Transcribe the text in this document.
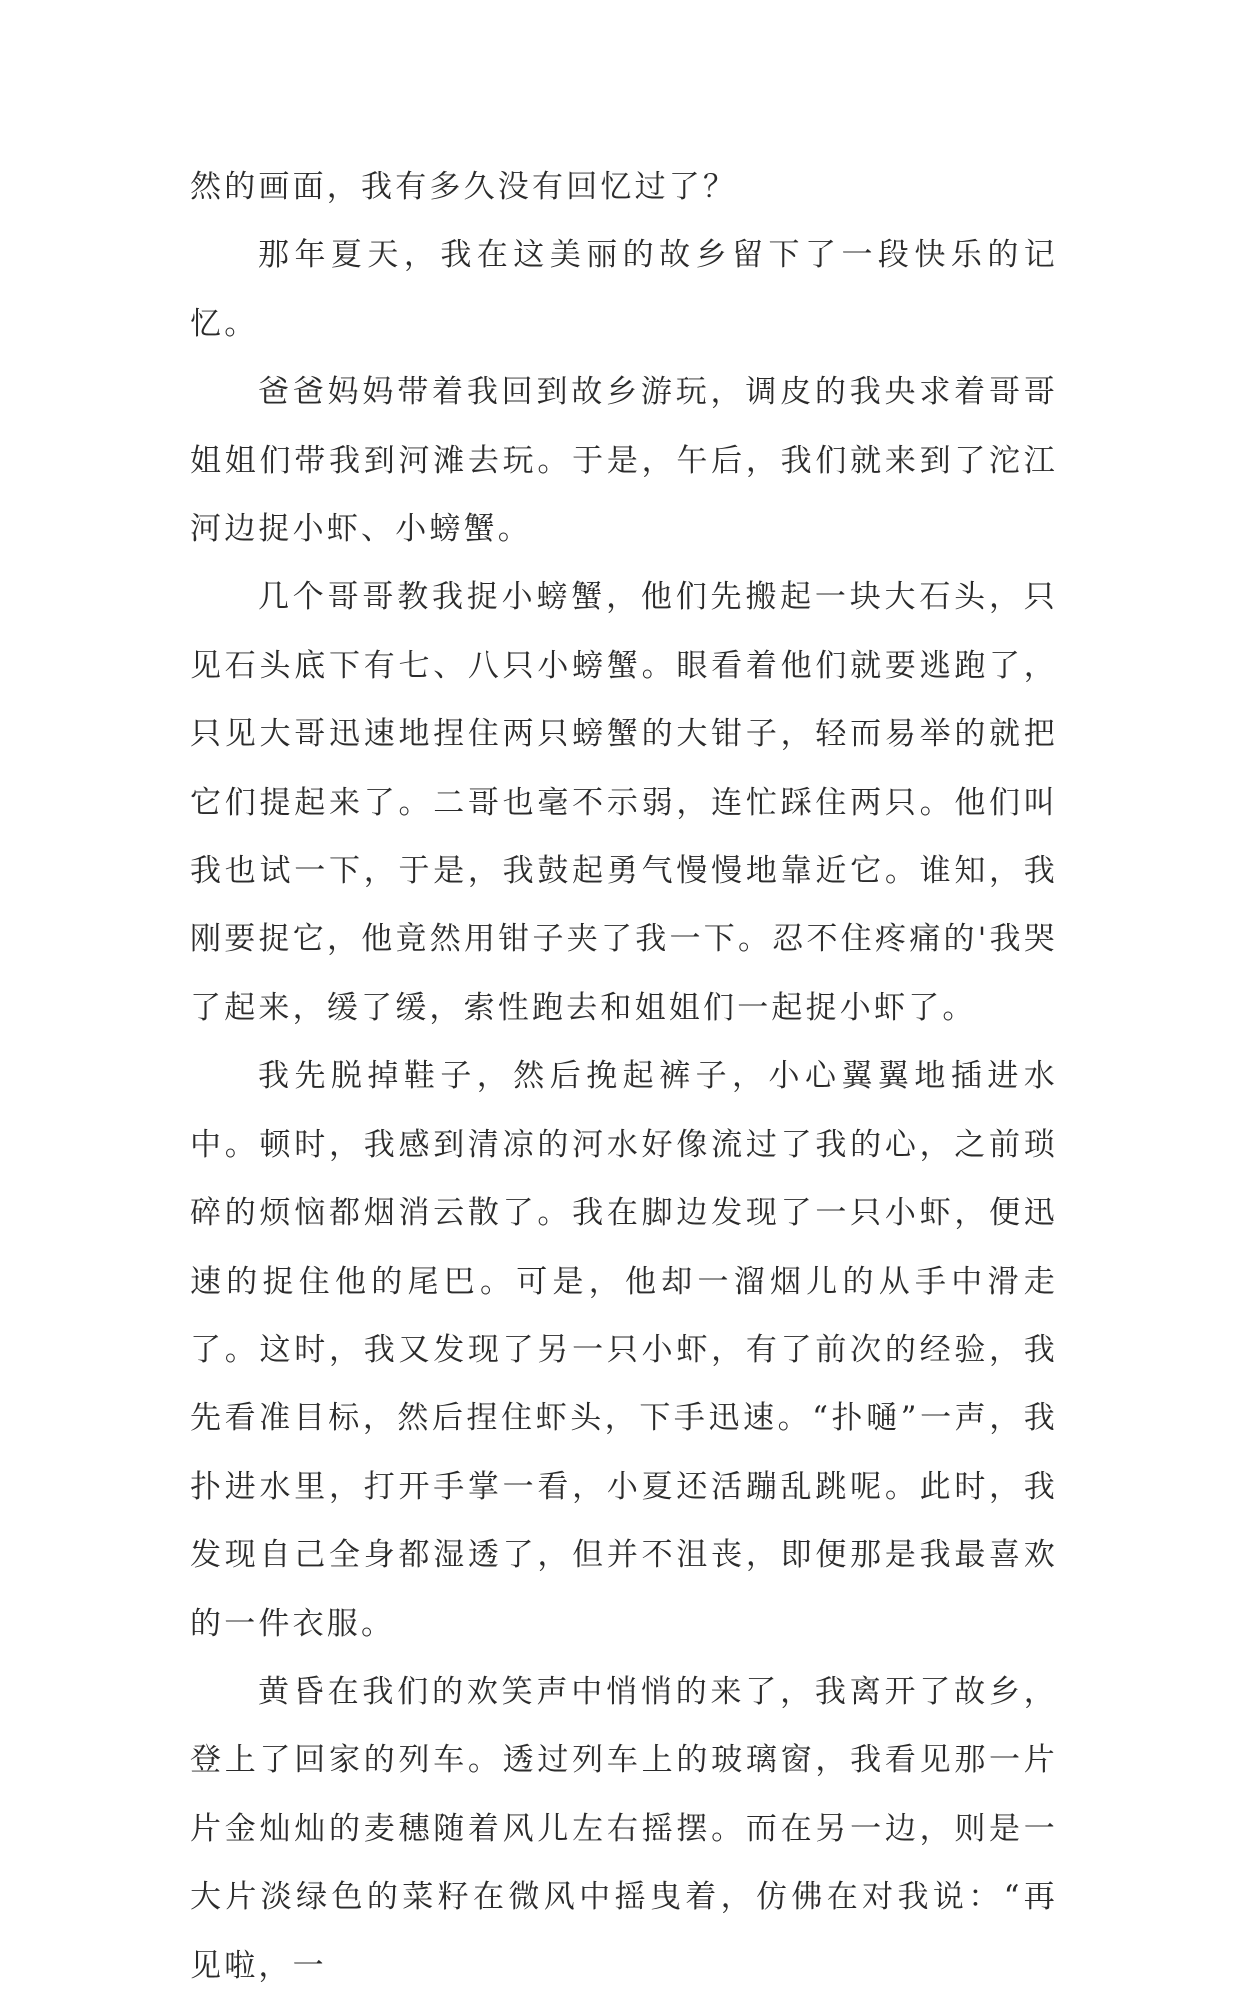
然的画面，我有多久没有回忆过了？

那年夏天，我在这美丽的故乡留下了一段快乐的记忆。

爸爸妈妈带着我回到故乡游玩，调皮的我央求着哥哥姐姐们带我到河滩去玩。于是，午后，我们就来到了沱江河边捉小虾、小螃蟹。

几个哥哥教我捉小螃蟹，他们先搬起一块大石头，只见石头底下有七、八只小螃蟹。眼看着他们就要逃跑了，只见大哥迅速地捏住两只螃蟹的大钳子，轻而易举的就把它们提起来了。二哥也毫不示弱，连忙踩住两只。他们叫我也试一下，于是，我鼓起勇气慢慢地靠近它。谁知，我刚要捉它，他竟然用钳子夹了我一下。忍不住疼痛的'我哭了起来，缓了缓，索性跑去和姐姐们一起捉小虾了。

我先脱掉鞋子，然后挽起裤子，小心翼翼地插进水中。顿时，我感到清凉的河水好像流过了我的心，之前琐碎的烦恼都烟消云散了。我在脚边发现了一只小虾，便迅速的捉住他的尾巴。可是，他却一溜烟儿的从手中滑走了。这时，我又发现了另一只小虾，有了前次的经验，我先看准目标，然后捏住虾头，下手迅速。“扑嗵”一声，我扑进水里，打开手掌一看，小夏还活蹦乱跳呢。此时，我发现自己全身都湿透了，但并不沮丧，即便那是我最喜欢的一件衣服。

黄昏在我们的欢笑声中悄悄的来了，我离开了故乡，登上了回家的列车。透过列车上的玻璃窗，我看见那一片片金灿灿的麦穗随着风儿左右摇摆。而在另一边，则是一大片淡绿色的菜籽在微风中摇曳着，仿佛在对我说：“再见啦，一
